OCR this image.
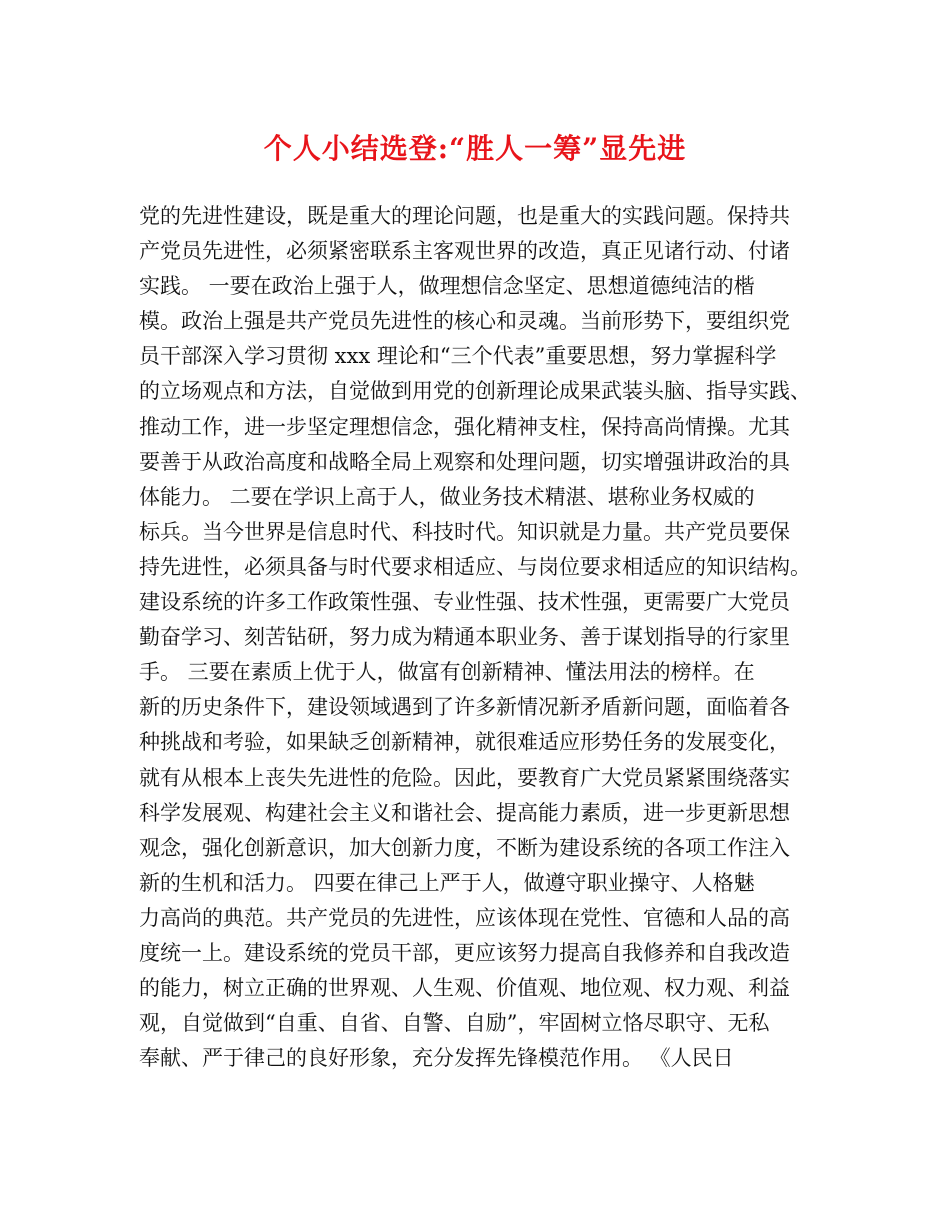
个人小结选登:“胜人一筹”显先进
党的先进性建设，既是重大的理论问题，也是重大的实践问题。保持共
产党员先进性，必须紧密联系主客观世界的改造，真正见诸行动、付诸
实践。 一要在政治上强于人，做理想信念坚定、思想道德纯洁的楷
模。政治上强是共产党员先进性的核心和灵魂。当前形势下，要组织党
员干部深入学习贯彻 xxx 理论和“三个代表”重要思想，努力掌握科学
的立场观点和方法，自觉做到用党的创新理论成果武装头脑、指导实践、
推动工作，进一步坚定理想信念，强化精神支柱，保持高尚情操。尤其
要善于从政治高度和战略全局上观察和处理问题，切实增强讲政治的具
体能力。 二要在学识上高于人，做业务技术精湛、堪称业务权威的
标兵。当今世界是信息时代、科技时代。知识就是力量。共产党员要保
持先进性，必须具备与时代要求相适应、与岗位要求相适应的知识结构。
建设系统的许多工作政策性强、专业性强、技术性强，更需要广大党员
勤奋学习、刻苦钻研，努力成为精通本职业务、善于谋划指导的行家里
手。 三要在素质上优于人，做富有创新精神、懂法用法的榜样。在
新的历史条件下，建设领域遇到了许多新情况新矛盾新问题，面临着各
种挑战和考验，如果缺乏创新精神，就很难适应形势任务的发展变化，
就有从根本上丧失先进性的危险。因此，要教育广大党员紧紧围绕落实
科学发展观、构建社会主义和谐社会、提高能力素质，进一步更新思想
观念，强化创新意识，加大创新力度，不断为建设系统的各项工作注入
新的生机和活力。 四要在律己上严于人，做遵守职业操守、人格魅
力高尚的典范。共产党员的先进性，应该体现在党性、官德和人品的高
度统一上。建设系统的党员干部，更应该努力提高自我修养和自我改造
的能力，树立正确的世界观、人生观、价值观、地位观、权力观、利益
观，自觉做到“自重、自省、自警、自励”，牢固树立恪尽职守、无私
奉献、严于律己的良好形象，充分发挥先锋模范作用。 《人民日
